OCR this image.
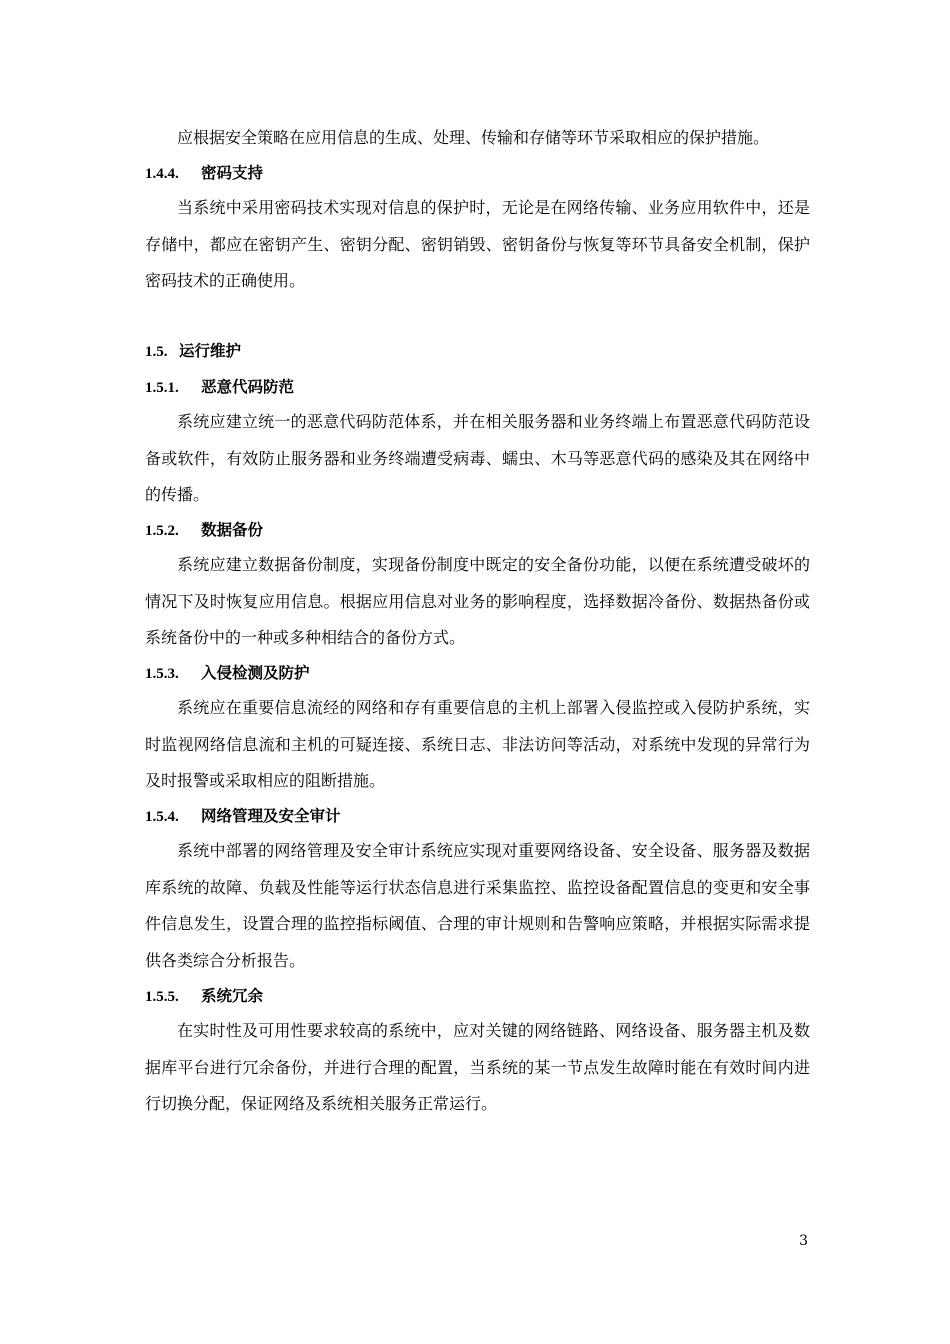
应根据安全策略在应用信息的生成、处理、传输和存储等环节采取相应的保护措施。

1.4.4. 密码支持

当系统中采用密码技术实现对信息的保护时，无论是在网络传输、业务应用软件中，还是存储中，都应在密钥产生、密钥分配、密钥销毁、密钥备份与恢复等环节具备安全机制，保护密码技术的正确使用。

1.5. 运行维护
1.5.1. 恶意代码防范

系统应建立统一的恶意代码防范体系，并在相关服务器和业务终端上布置恶意代码防范设备或软件，有效防止服务器和业务终端遭受病毒、蠕虫、木马等恶意代码的感染及其在网络中的传播。

1.5.2. 数据备份

系统应建立数据备份制度，实现备份制度中既定的安全备份功能，以便在系统遭受破坏的情况下及时恢复应用信息。根据应用信息对业务的影响程度，选择数据冷备份、数据热备份或系统备份中的一种或多种相结合的备份方式。

1.5.3. 入侵检测及防护

系统应在重要信息流经的网络和存有重要信息的主机上部署入侵监控或入侵防护系统，实时监视网络信息流和主机的可疑连接、系统日志、非法访问等活动，对系统中发现的异常行为及时报警或采取相应的阻断措施。

1.5.4. 网络管理及安全审计

系统中部署的网络管理及安全审计系统应实现对重要网络设备、安全设备、服务器及数据库系统的故障、负载及性能等运行状态信息进行采集监控、监控设备配置信息的变更和安全事件信息发生，设置合理的监控指标阈值、合理的审计规则和告警响应策略，并根据实际需求提供各类综合分析报告。

1.5.5. 系统冗余

在实时性及可用性要求较高的系统中，应对关键的网络链路、网络设备、服务器主机及数据库平台进行冗余备份，并进行合理的配置，当系统的某一节点发生故障时能在有效时间内进行切换分配，保证网络及系统相关服务正常运行。

3
